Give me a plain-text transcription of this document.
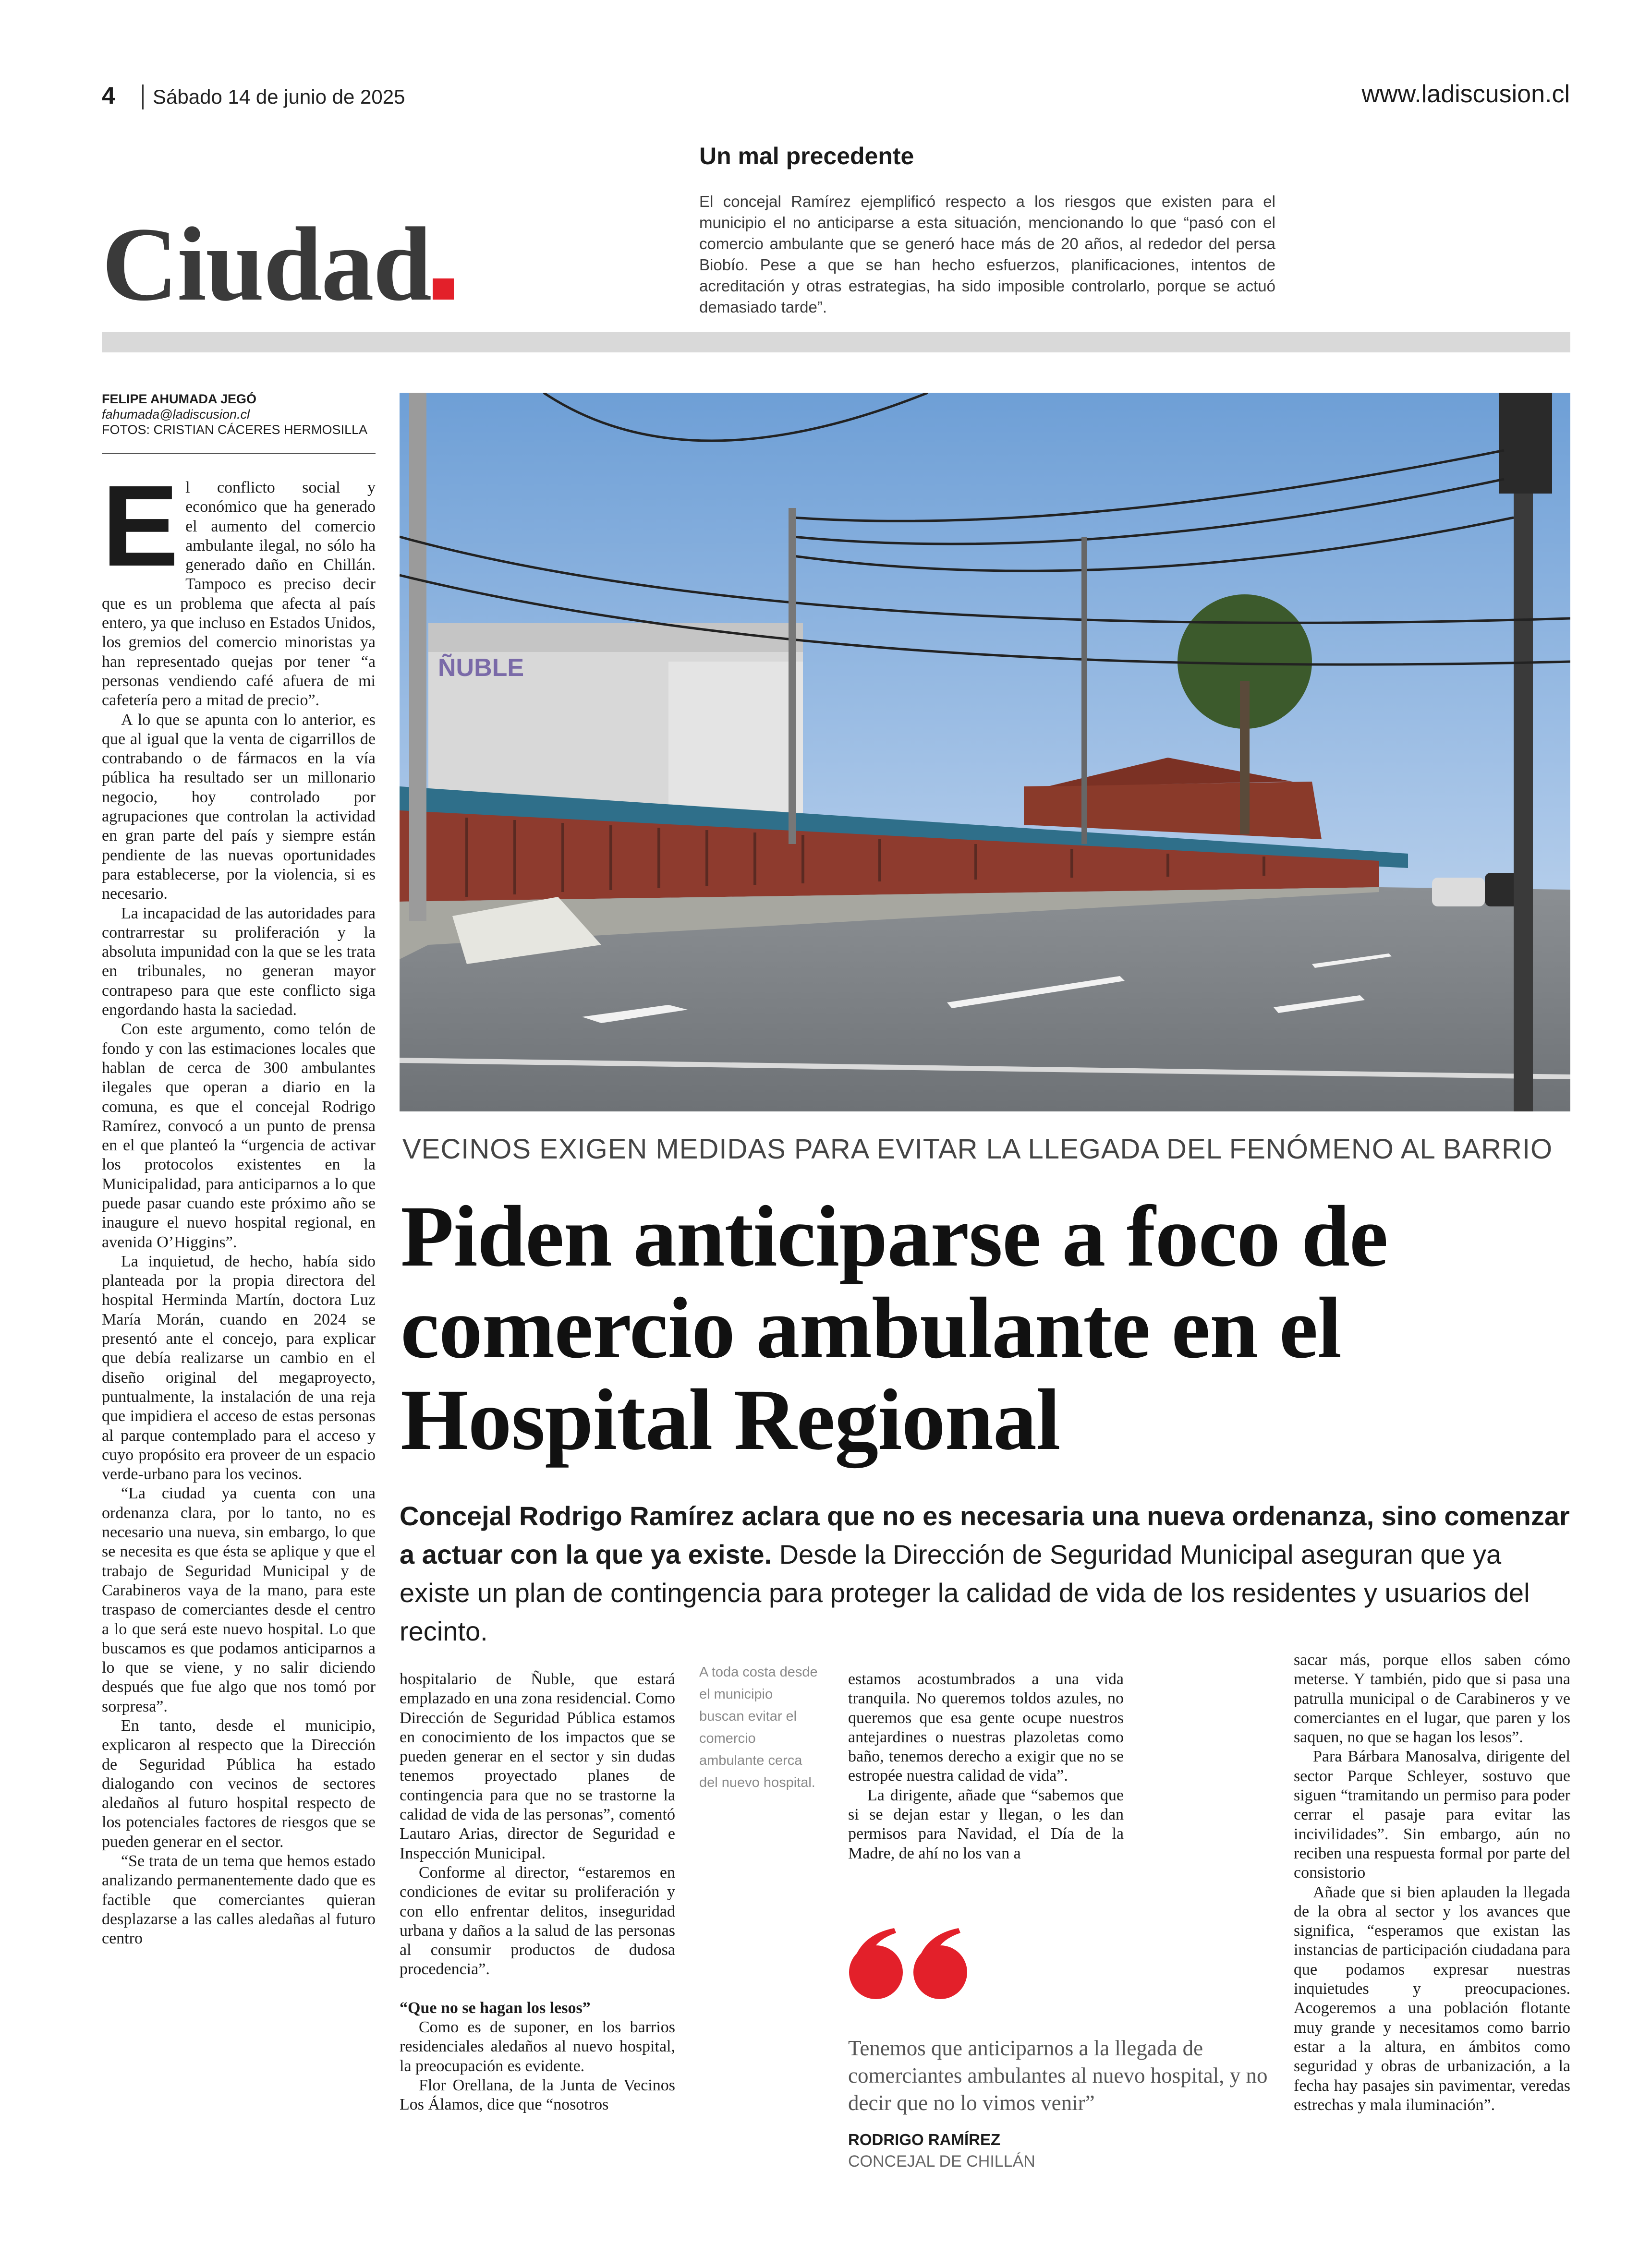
4 Sábado 14 de junio de 2025	www.ladiscusion.cl
Ciudad
Un mal precedente
El concejal Ramírez ejemplificó respecto a los riesgos que existen para el municipio el no anticiparse a esta situación, mencionando lo que “pasó con el comercio ambulante que se generó hace más de 20 años, al rededor del persa Biobío. Pese a que se han hecho esfuerzos, planificaciones, intentos de acreditación y otras estrategias, ha sido imposible controlarlo, porque se actuó demasiado tarde”.
FELIPE AHUMADA JEGÓ
fahumada@ladiscusion.cl
FOTOS: CRISTIAN CÁCERES HERMOSILLA

El conflicto social y económico que ha generado el aumento del comercio ambulante ilegal, no sólo ha generado daño en Chillán. Tampoco es preciso decir que es un problema que afecta al país entero, ya que incluso en Estados Unidos, los gremios del comercio minoristas ya han representado quejas por tener “a personas vendiendo café afuera de mi cafetería pero a mitad de precio”.

A lo que se apunta con lo anterior, es que al igual que la venta de cigarrillos de contrabando o de fármacos en la vía pública ha resultado ser un millonario negocio, hoy controlado por agrupaciones que controlan la actividad en gran parte del país y siempre están pendiente de las nuevas oportunidades para establecerse, por la violencia, si es necesario.

La incapacidad de las autoridades para contrarrestar su proliferación y la absoluta impunidad con la que se les trata en tribunales, no generan mayor contrapeso para que este conflicto siga engordando hasta la saciedad.

Con este argumento, como telón de fondo y con las estimaciones locales que hablan de cerca de 300 ambulantes ilegales que operan a diario en la comuna, es que el concejal Rodrigo Ramírez, convocó a un punto de prensa en el que planteó la “urgencia de activar los protocolos existentes en la Municipalidad, para anticiparnos a lo que puede pasar cuando este próximo año se inaugure el nuevo hospital regional, en avenida O’Higgins”.

La inquietud, de hecho, había sido planteada por la propia directora del hospital Herminda Martín, doctora Luz María Morán, cuando en 2024 se presentó ante el concejo, para explicar que debía realizarse un cambio en el diseño original del megaproyecto, puntualmente, la instalación de una reja que impidiera el acceso de estas personas al parque contemplado para el acceso y cuyo propósito era proveer de un espacio verde-urbano para los vecinos.

“La ciudad ya cuenta con una ordenanza clara, por lo tanto, no es necesario una nueva, sin embargo, lo que se necesita es que ésta se aplique y que el trabajo de Seguridad Municipal y de Carabineros vaya de la mano, para este traspaso de comerciantes desde el centro a lo que será este nuevo hospital. Lo que buscamos es que podamos anticiparnos a lo que se viene, y no salir diciendo después que fue algo que nos tomó por sorpresa”.

En tanto, desde el municipio, explicaron al respecto que la Dirección de Seguridad Pública ha estado dialogando con vecinos de sectores aledaños al futuro hospital respecto de los potenciales factores de riesgos que se pueden generar en el sector.

“Se trata de un tema que hemos estado analizando permanentemente dado que es factible que comerciantes quieran desplazarse a las calles aledañas al futuro centro

ÑUBLE
VECINOS EXIGEN MEDIDAS PARA EVITAR LA LLEGADA DEL FENÓMENO AL BARRIO
Piden anticiparse a foco de comercio ambulante en el Hospital Regional
Concejal Rodrigo Ramírez aclara que no es necesaria una nueva ordenanza, sino comenzar a actuar con la que ya existe. Desde la Dirección de Seguridad Municipal aseguran que ya existe un plan de contingencia para proteger la calidad de vida de los residentes y usuarios del recinto.

hospitalario de Ñuble, que estará emplazado en una zona residencial. Como Dirección de Seguridad Pública estamos en conocimiento de los impactos que se pueden generar en el sector y sin dudas tenemos proyectado planes de contingencia para que no se trastorne la calidad de vida de las personas”, comentó Lautaro Arias, director de Seguridad e Inspección Municipal.

Conforme al director, “estaremos en condiciones de evitar su proliferación y con ello enfrentar delitos, inseguridad urbana y daños a la salud de las personas al consumir productos de dudosa procedencia”.

“Que no se hagan los lesos”

Como es de suponer, en los barrios residenciales aledaños al nuevo hospital, la preocupación es evidente.

Flor Orellana, de la Junta de Vecinos Los Álamos, dice que “nosotros

A toda costa desde el municipio buscan evitar el comercio ambulante cerca del nuevo hospital.

estamos acostumbrados a una vida tranquila. No queremos toldos azules, no queremos que esa gente ocupe nuestros antejardines o nuestras plazoletas como baño, tenemos derecho a exigir que no se estropée nuestra calidad de vida”.

La dirigente, añade que “sabemos que si se dejan estar y llegan, o les dan permisos para Navidad, el Día de la Madre, de ahí no los van a

Tenemos que anticiparnos a la llegada de comerciantes ambulantes al nuevo hospital, y no decir que no lo vimos venir”
RODRIGO RAMÍREZ
CONCEJAL DE CHILLÁN

sacar más, porque ellos saben cómo meterse. Y también, pido que si pasa una patrulla municipal o de Carabineros y ve comerciantes en el lugar, que paren y los saquen, no que se hagan los lesos”.

Para Bárbara Manosalva, dirigente del sector Parque Schleyer, sostuvo que siguen “tramitando un permiso para poder cerrar el pasaje para evitar las incivilidades”. Sin embargo, aún no reciben una respuesta formal por parte del consistorio

Añade que si bien aplauden la llegada de la obra al sector y los avances que significa, “esperamos que existan las instancias de participación ciudadana para que podamos expresar nuestras inquietudes y preocupaciones. Acogeremos a una población flotante muy grande y necesitamos como barrio estar a la altura, en ámbitos como seguridad y obras de urbanización, a la fecha hay pasajes sin pavimentar, veredas estrechas y mala iluminación”.
